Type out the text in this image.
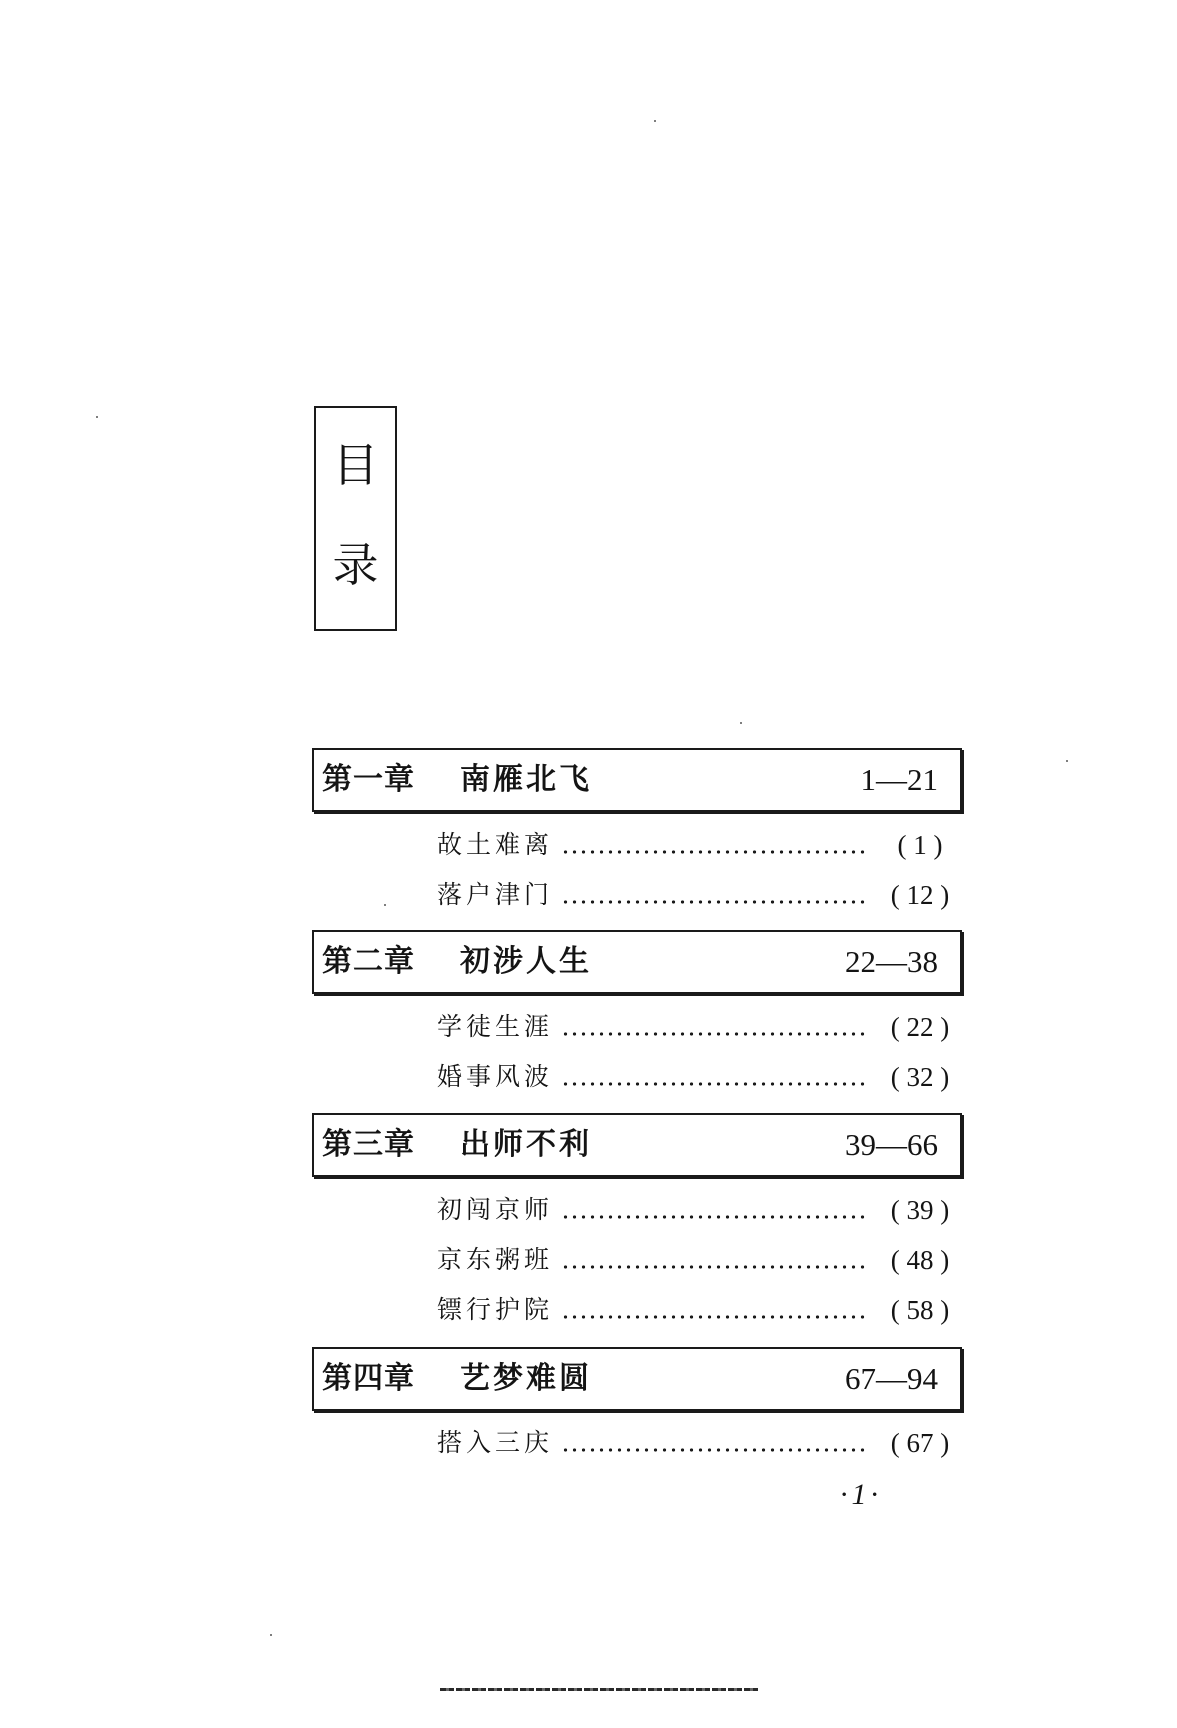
目
录
第一章 南雁北飞	1—21
故土难离	( 1 )
落户津门	( 12 )
第二章 初涉人生	22—38
学徒生涯	( 22 )
婚事风波	( 32 )
第三章 出师不利	39—66
初闯京师	( 39 )
京东粥班	( 48 )
镖行护院	( 58 )
第四章 艺梦难圆	67—94
搭入三庆	( 67 )
·1·
